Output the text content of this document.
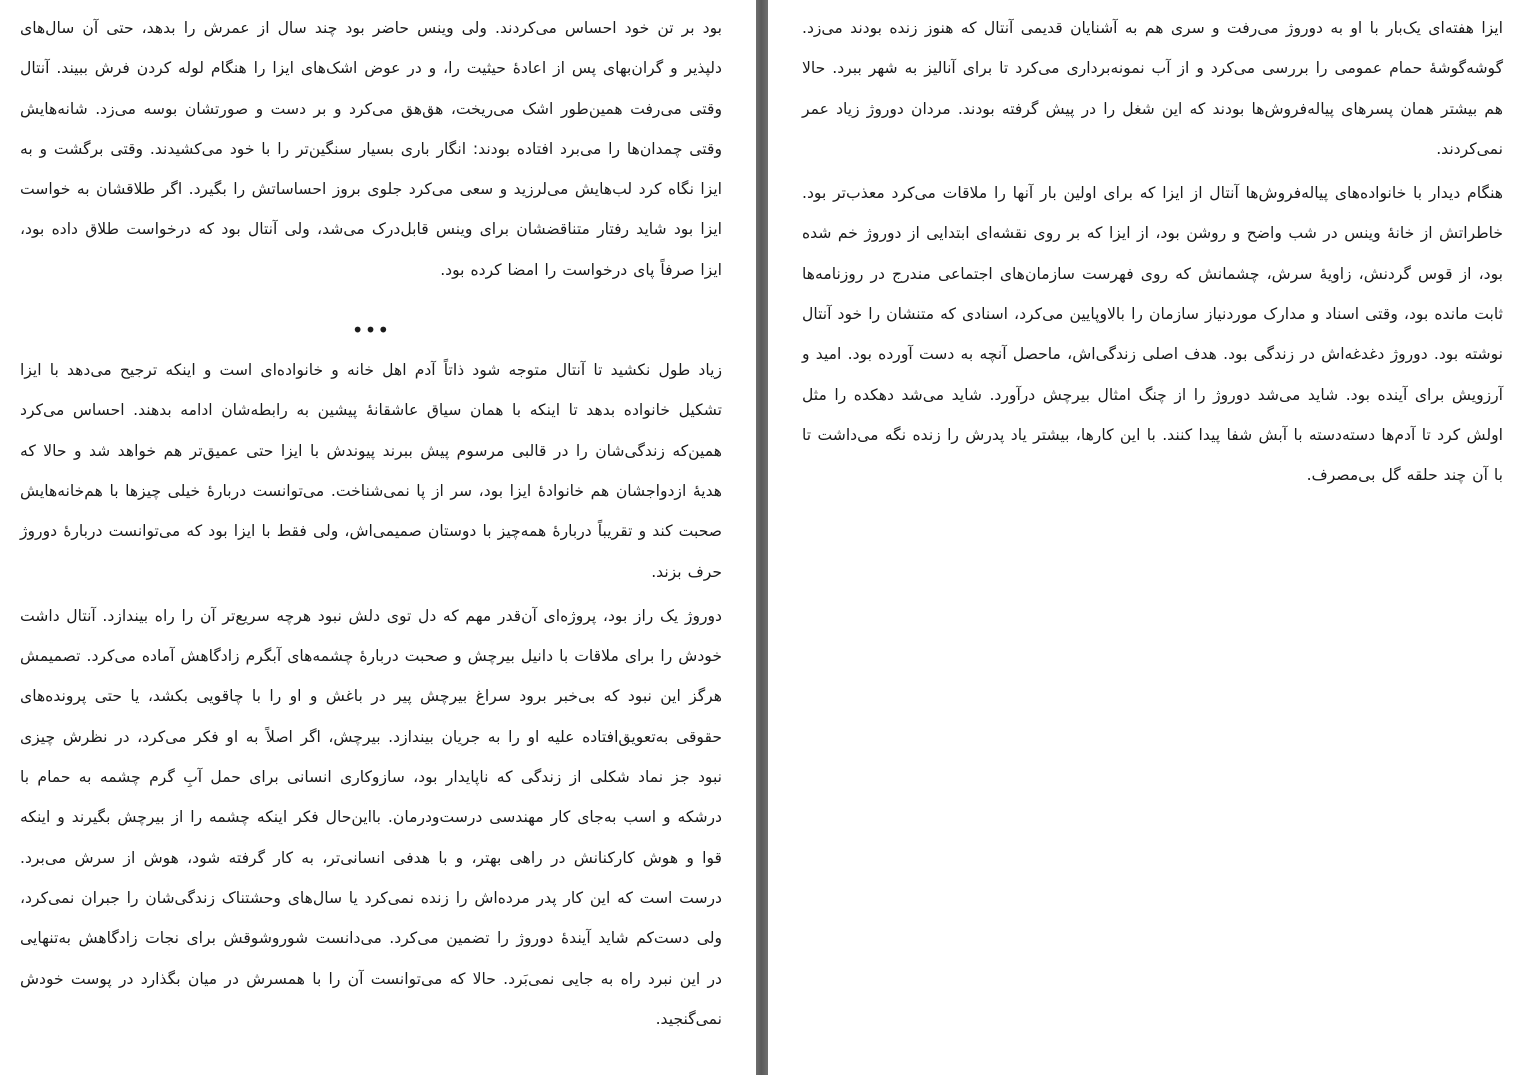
بود بر تن خود احساس می‌کردند. ولی وینس حاضر بود چند سال از عمرش را بدهد، حتی آن سال‌های دلپذیر و گران‌بهای پس از اعادهٔ حیثیت را، و در عوض اشک‌های ایزا را هنگام لوله کردن فرش ببیند. آنتال وقتی می‌رفت همین‌طور اشک می‌ریخت، هق‌هق می‌کرد و بر دست و صورتشان بوسه می‌زد. شانه‌هایش وقتی چمدان‌ها را می‌برد افتاده بودند: انگار باری بسیار سنگین‌تر را با خود می‌کشیدند. وقتی برگشت و به ایزا نگاه کرد لب‌هایش می‌لرزید و سعی می‌کرد جلوی بروز احساساتش را بگیرد. اگر طلاقشان به خواست ایزا بود شاید رفتار متناقضشان برای وینس قابل‌درک می‌شد، ولی آنتال بود که درخواست طلاق داده بود، ایزا صرفاً پای درخواست را امضا کرده بود.

•••

زیاد طول نکشید تا آنتال متوجه شود ذاتاً آدم اهل خانه و خانواده‌ای است و اینکه ترجیح می‌دهد با ایزا تشکیل خانواده بدهد تا اینکه با همان سیاق عاشقانهٔ پیشین به رابطه‌شان ادامه بدهند. احساس می‌کرد همین‌که زندگی‌شان را در قالبی مرسوم پیش ببرند پیوندش با ایزا حتی عمیق‌تر هم خواهد شد و حالا که هدیهٔ ازدواجشان هم خانوادهٔ ایزا بود، سر از پا نمی‌شناخت. می‌توانست دربارهٔ خیلی چیزها با هم‌خانه‌هایش صحبت کند و تقریباً دربارهٔ همه‌چیز با دوستان صمیمی‌اش، ولی فقط با ایزا بود که می‌توانست دربارهٔ دوروژ حرف بزند.

دوروژ یک راز بود، پروژه‌ای آن‌قدر مهم که دل توی دلش نبود هرچه سریع‌تر آن را راه بیندازد. آنتال داشت خودش را برای ملاقات با دانیل بیرچش و صحبت دربارهٔ چشمه‌های آبگرم زادگاهش آماده می‌کرد. تصمیمش هرگز این نبود که بی‌خبر برود سراغ بیرچش پیر در باغش و او را با چاقویی بکشد، یا حتی پرونده‌های حقوقی به‌تعویق‌افتاده علیه او را به جریان بیندازد. بیرچش، اگر اصلاً به او فکر می‌کرد، در نظرش چیزی نبود جز نماد شکلی از زندگی که ناپایدار بود، سازوکاری انسانی برای حمل آبِ گرم چشمه به حمام با درشکه و اسب به‌جای کار مهندسی درست‌ودرمان. بااین‌حال فکر اینکه چشمه را از بیرچش بگیرند و اینکه قوا و هوش کارکنانش در راهی بهتر، و با هدفی انسانی‌تر، به کار گرفته شود، هوش از سرش می‌برد. درست است که این کار پدر مرده‌اش را زنده نمی‌کرد یا سال‌های وحشتناک زندگی‌شان را جبران نمی‌کرد، ولی دست‌کم شاید آیندهٔ دوروژ را تضمین می‌کرد. می‌دانست شوروشوقش برای نجات زادگاهش به‌تنهایی در این نبرد راه به جایی نمی‌بَرد. حالا که می‌توانست آن را با همسرش در میان بگذارد در پوست خودش نمی‌گنجید.

ایزا هفته‌ای یک‌بار با او به دوروژ می‌رفت و سری هم به آشنایان قدیمی آنتال که هنوز زنده بودند می‌زد. گوشه‌گوشهٔ حمام عمومی را بررسی می‌کرد و از آب نمونه‌برداری می‌کرد تا برای آنالیز به شهر ببرد. حالا هم بیشتر همان پسرهای پیاله‌فروش‌ها بودند که این شغل را در پیش گرفته بودند. مردان دوروژ زیاد عمر نمی‌کردند.

هنگام دیدار با خانواده‌های پیاله‌فروش‌ها آنتال از ایزا که برای اولین بار آنها را ملاقات می‌کرد معذب‌تر بود. خاطراتش از خانهٔ وینس در شب واضح و روشن بود، از ایزا که بر روی نقشه‌ای ابتدایی از دوروژ خم شده بود، از قوس گردنش، زاویهٔ سرش، چشمانش که روی فهرست سازمان‌های اجتماعی مندرج در روزنامه‌ها ثابت مانده بود، وقتی اسناد و مدارک موردنیاز سازمان را بالاوپایین می‌کرد، اسنادی که متنشان را خود آنتال نوشته بود. دوروژ دغدغه‌اش در زندگی بود. هدف اصلی زندگی‌اش، ماحصل آنچه به دست آورده بود. امید و آرزویش برای آینده بود. شاید می‌شد دوروژ را از چنگ امثال بیرچش درآورد. شاید می‌شد دهکده را مثل اولش کرد تا آدم‌ها دسته‌دسته با آبش شفا پیدا کنند. با این کارها، بیشتر یاد پدرش را زنده نگه می‌داشت تا با آن چند حلقه گل بی‌مصرف.
